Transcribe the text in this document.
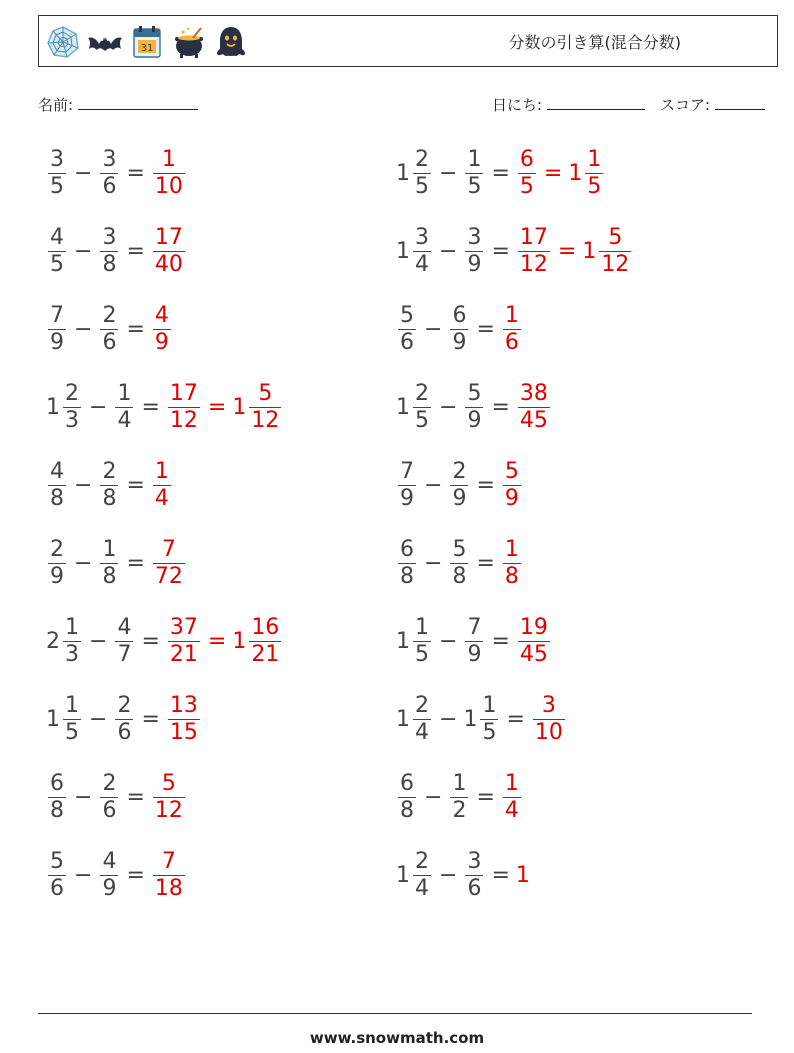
31	分数の引き算(混合分数)
名前:	日にち:	スコア:
$\frac{3}{5} - \frac{3}{6} = \frac{1}{10}$
$\frac{4}{5} - \frac{3}{8} = \frac{17}{40}$
$\frac{7}{9} - \frac{2}{6} = \frac{4}{9}$
$1 \frac{2}{3} - \frac{1}{4} = \frac{17}{12} = 1 \frac{5}{12}$
$\frac{4}{8} - \frac{2}{8} = \frac{1}{4}$
$\frac{2}{9} - \frac{1}{8} = \frac{7}{72}$
$2 \frac{1}{3} - \frac{4}{7} = \frac{37}{21} = 1 \frac{16}{21}$
$1 \frac{1}{5} - \frac{2}{6} = \frac{13}{15}$
$\frac{6}{8} - \frac{2}{6} = \frac{5}{12}$
$\frac{5}{6} - \frac{4}{9} = \frac{7}{18}$
$1 \frac{2}{5} - \frac{1}{5} = \frac{6}{5} = 1 \frac{1}{5}$
$1 \frac{3}{4} - \frac{3}{9} = \frac{17}{12} = 1 \frac{5}{12}$
$\frac{5}{6} - \frac{6}{9} = \frac{1}{6}$
$1 \frac{2}{5} - \frac{5}{9} = \frac{38}{45}$
$\frac{7}{9} - \frac{2}{9} = \frac{5}{9}$
$\frac{6}{8} - \frac{5}{8} = \frac{1}{8}$
$1 \frac{1}{5} - \frac{7}{9} = \frac{19}{45}$
$1 \frac{2}{4} - 1 \frac{1}{5} = \frac{3}{10}$
$\frac{6}{8} - \frac{1}{2} = \frac{1}{4}$
$1 \frac{2}{4} - \frac{3}{6} = 1$
www.snowmath.com
